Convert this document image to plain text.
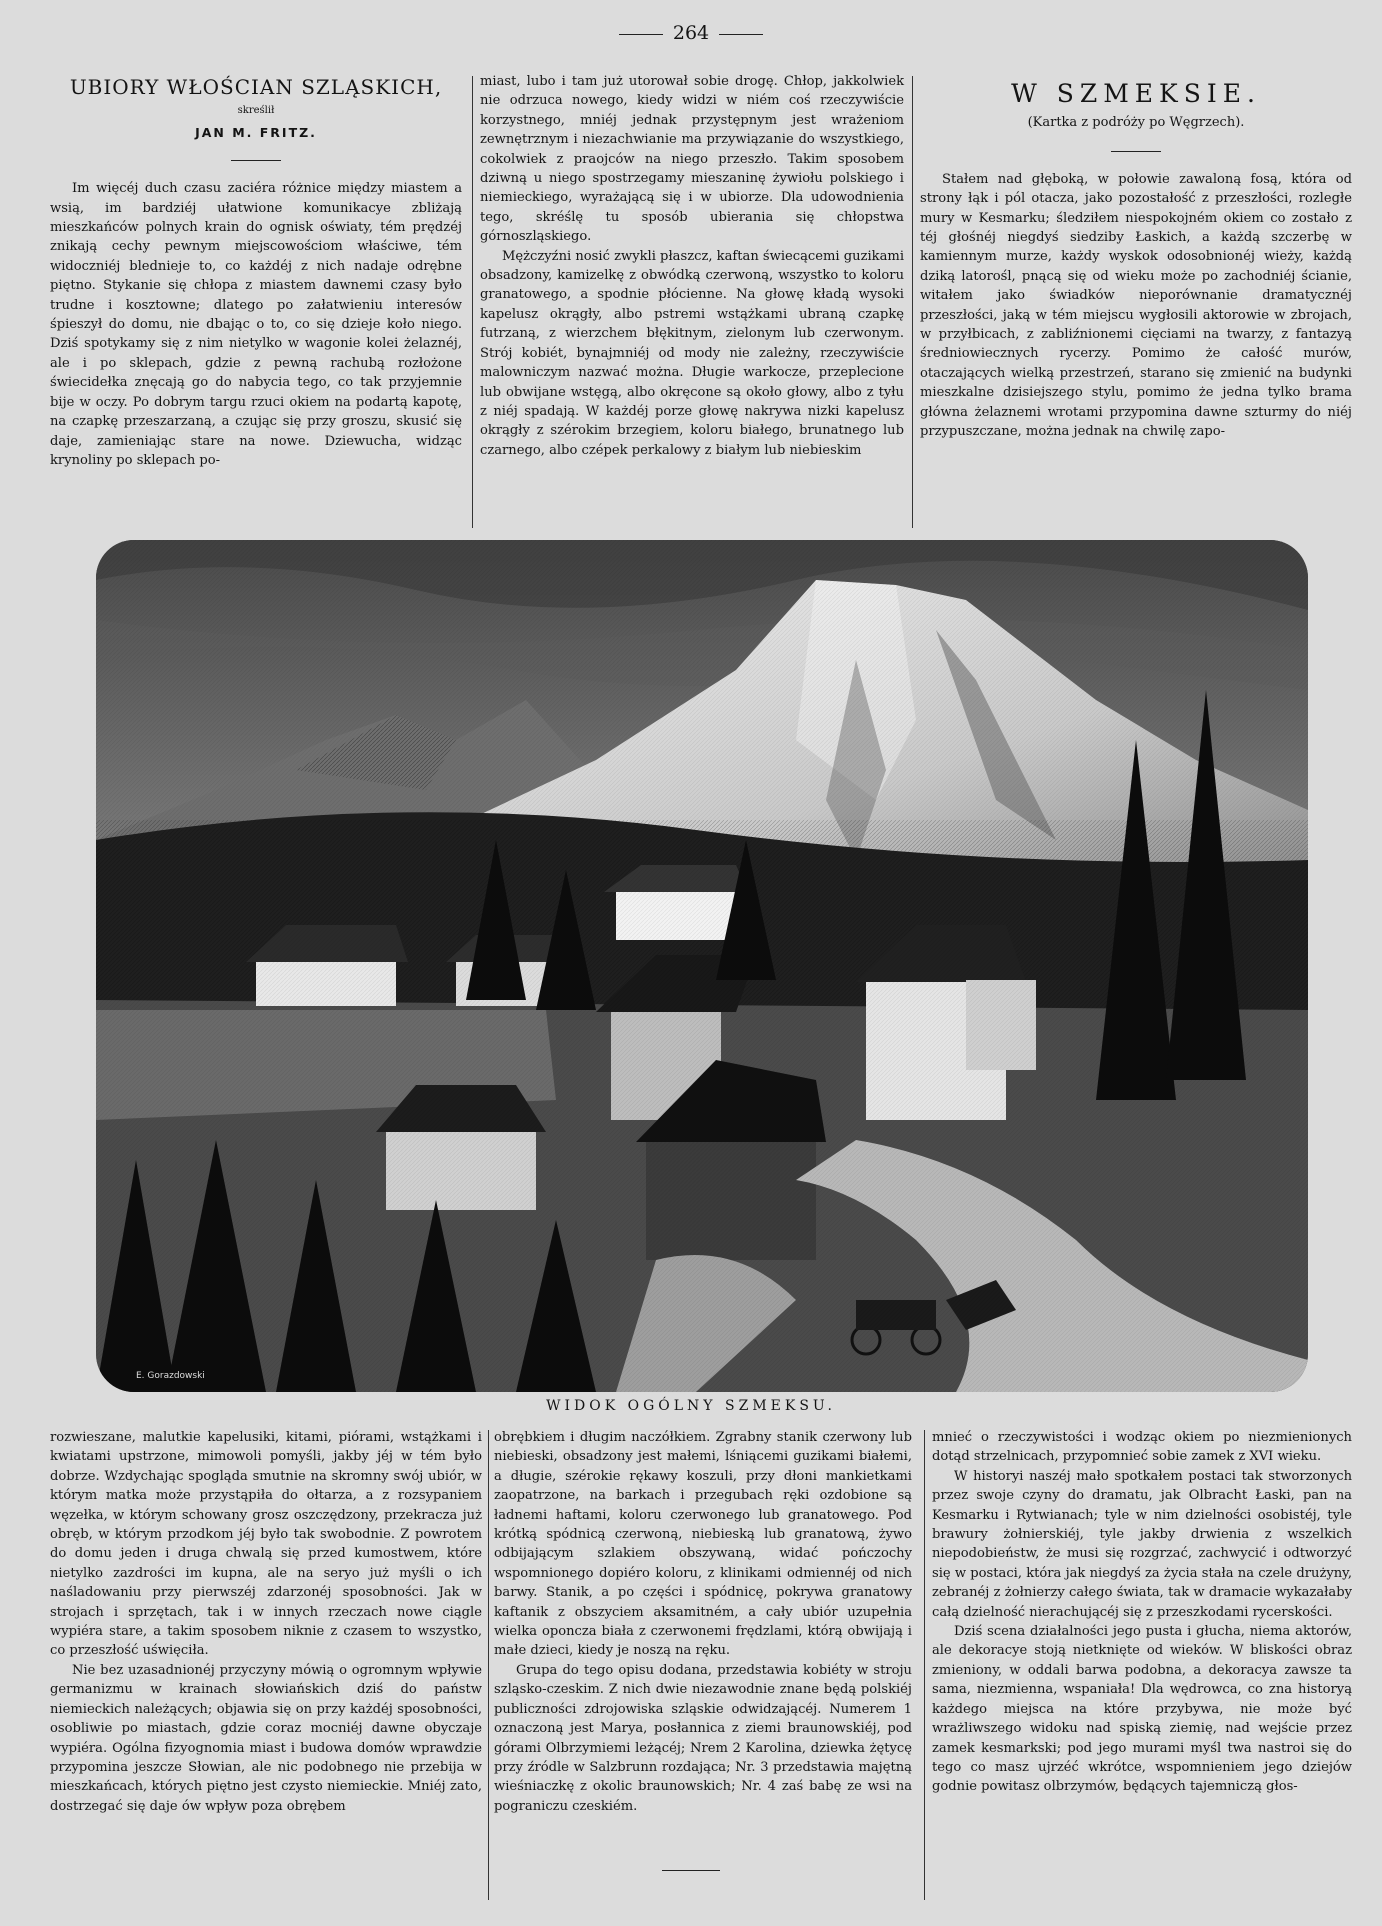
264
UBIORY WŁOŚCIAN SZLĄSKICH,
skreślił
JAN M. FRITZ.

Im więcéj duch czasu zaciéra różnice między miastem a wsią, im bardziéj ułatwione komunikacye zbliżają mieszkańców polnych krain do ognisk oświaty, tém prędzéj znikają cechy pewnym miejscowościom właściwe, tém widoczniéj blednieje to, co każdéj z nich nadaje odrębne piętno. Stykanie się chłopa z miastem dawnemi czasy było trudne i kosztowne; dlatego po załatwieniu interesów śpieszył do domu, nie dbając o to, co się dzieje koło niego. Dziś spotykamy się z nim nietylko w wagonie kolei żelaznéj, ale i po sklepach, gdzie z pewną rachubą rozłożone świecidełka znęcają go do nabycia tego, co tak przyjemnie bije w oczy. Po dobrym targu rzuci okiem na podartą kapotę, na czapkę przeszarzaną, a czując się przy groszu, skusić się daje, zamieniając stare na nowe. Dziewucha, widząc krynoliny po sklepach po-

miast, lubo i tam już utorował sobie drogę. Chłop, jakkolwiek nie odrzuca nowego, kiedy widzi w niém coś rzeczywiście korzystnego, mniéj jednak przystępnym jest wrażeniom zewnętrznym i niezachwianie ma przywiązanie do wszystkiego, cokolwiek z praojców na niego przeszło. Takim sposobem dziwną u niego spostrzegamy mieszaninę żywiołu polskiego i niemieckiego, wyrażającą się i w ubiorze. Dla udowodnienia tego, skréślę tu sposób ubierania się chłopstwa górnoszląskiego.

Mężczyźni nosić zwykli płaszcz, kaftan świecącemi guzikami obsadzony, kamizelkę z obwódką czerwoną, wszystko to koloru granatowego, a spodnie płócienne. Na głowę kładą wysoki kapelusz okrągły, albo pstremi wstążkami ubraną czapkę futrzaną, z wierzchem błękitnym, zielonym lub czerwonym. Strój kobiét, bynajmniéj od mody nie zależny, rzeczywiście malowniczym nazwać można. Długie warkocze, przeplecione lub obwijane wstęgą, albo okręcone są około głowy, albo z tyłu z niéj spadają. W każdéj porze głowę nakrywa nizki kapelusz okrągły z szérokim brzegiem, koloru białego, brunatnego lub czarnego, albo czépek perkalowy z białym lub niebieskim

W SZMEKSIE.
(Kartka z podróży po Węgrzech).

Stałem nad głęboką, w połowie zawaloną fosą, która od strony łąk i pól otacza, jako pozostałość z przeszłości, rozległe mury w Kesmarku; śledziłem niespokojném okiem co zostało z téj głośnéj niegdyś siedziby Łaskich, a każdą szczerbę w kamiennym murze, każdy wyskok odosobnionéj wieży, każdą dziką latorośl, pnącą się od wieku może po zachodniéj ścianie, witałem jako świadków nieporównanie dramatycznéj przeszłości, jaką w tém miejscu wygłosili aktorowie w zbrojach, w przyłbicach, z zabliźnionemi cięciami na twarzy, z fantazyą średniowiecznych rycerzy. Pomimo że całość murów, otaczających wielką przestrzeń, starano się zmienić na budynki mieszkalne dzisiejszego stylu, pomimo że jedna tylko brama główna żelaznemi wrotami przypomina dawne szturmy do niéj przypuszczane, można jednak na chwilę zapo-

E. Gorazdowski
WIDOK OGÓLNY SZMEKSU.

rozwieszane, malutkie kapelusiki, kitami, piórami, wstążkami i kwiatami upstrzone, mimowoli pomyśli, jakby jéj w tém było dobrze. Wzdychając spogląda smutnie na skromny swój ubiór, w którym matka może przystąpiła do ołtarza, a z rozsypaniem węzełka, w którym schowany grosz oszczędzony, przekracza już obręb, w którym przodkom jéj było tak swobodnie. Z powrotem do domu jeden i druga chwalą się przed kumostwem, które nietylko zazdrości im kupna, ale na seryo już myśli o ich naśladowaniu przy pierwszéj zdarzonéj sposobności. Jak w strojach i sprzętach, tak i w innych rzeczach nowe ciągle wypiéra stare, a takim sposobem niknie z czasem to wszystko, co przeszłość uświęciła.

Nie bez uzasadnionéj przyczyny mówią o ogromnym wpływie germanizmu w krainach słowiańskich dziś do państw niemieckich należących; objawia się on przy każdéj sposobności, osobliwie po miastach, gdzie coraz mocniéj dawne obyczaje wypiéra. Ogólna fizyognomia miast i budowa domów wprawdzie przypomina jeszcze Słowian, ale nic podobnego nie przebija w mieszkańcach, których piętno jest czysto niemieckie. Mniéj zato, dostrzegać się daje ów wpływ poza obrębem

obrębkiem i długim naczółkiem. Zgrabny stanik czerwony lub niebieski, obsadzony jest małemi, lśniącemi guzikami białemi, a długie, szérokie rękawy koszuli, przy dłoni mankietkami zaopatrzone, na barkach i przegubach ręki ozdobione są ładnemi haftami, koloru czerwonego lub granatowego. Pod krótką spódnicą czerwoną, niebieską lub granatową, żywo odbijającym szlakiem obszywaną, widać pończochy wspomnionego dopiéro koloru, z klinikami odmiennéj od nich barwy. Stanik, a po części i spódnicę, pokrywa granatowy kaftanik z obszyciem aksamitném, a cały ubiór uzupełnia wielka oponcza biała z czerwonemi frędzlami, którą obwijają i małe dzieci, kiedy je noszą na ręku.

Grupa do tego opisu dodana, przedstawia kobiéty w stroju szląsko-czeskim. Z nich dwie niezawodnie znane będą polskiéj publiczności zdrojowiska szląskie odwidzającéj. Numerem 1 oznaczoną jest Marya, posłannica z ziemi braunowskiéj, pod górami Olbrzymiemi leżącéj; Nrem 2 Karolina, dziewka żętycę przy źródle w Salzbrunn rozdająca; Nr. 3 przedstawia majętną wieśniaczkę z okolic braunowskich; Nr. 4 zaś babę ze wsi na pograniczu czeskiém.

mnieć o rzeczywistości i wodząc okiem po niezmienionych dotąd strzelnicach, przypomnieć sobie zamek z XVI wieku.

W historyi naszéj mało spotkałem postaci tak stworzonych przez swoje czyny do dramatu, jak Olbracht Łaski, pan na Kesmarku i Rytwianach; tyle w nim dzielności osobistéj, tyle brawury żołnierskiéj, tyle jakby drwienia z wszelkich niepodobieństw, że musi się rozgrzać, zachwycić i odtworzyć się w postaci, która jak niegdyś za życia stała na czele drużyny, zebranéj z żołnierzy całego świata, tak w dramacie wykazałaby całą dzielność nierachującéj się z przeszkodami rycerskości.

Dziś scena działalności jego pusta i głucha, niema aktorów, ale dekoracye stoją nietknięte od wieków. W bliskości obraz zmieniony, w oddali barwa podobna, a dekoracya zawsze ta sama, niezmienna, wspaniała! Dla wędrowca, co zna historyą każdego miejsca na które przybywa, nie może być wrażliwszego widoku nad spiską ziemię, nad wejście przez zamek kesmarkski; pod jego murami myśl twa nastroi się do tego co masz ujrzéć wkrótce, wspomnieniem jego dziejów godnie powitasz olbrzymów, będących tajemniczą głos-
